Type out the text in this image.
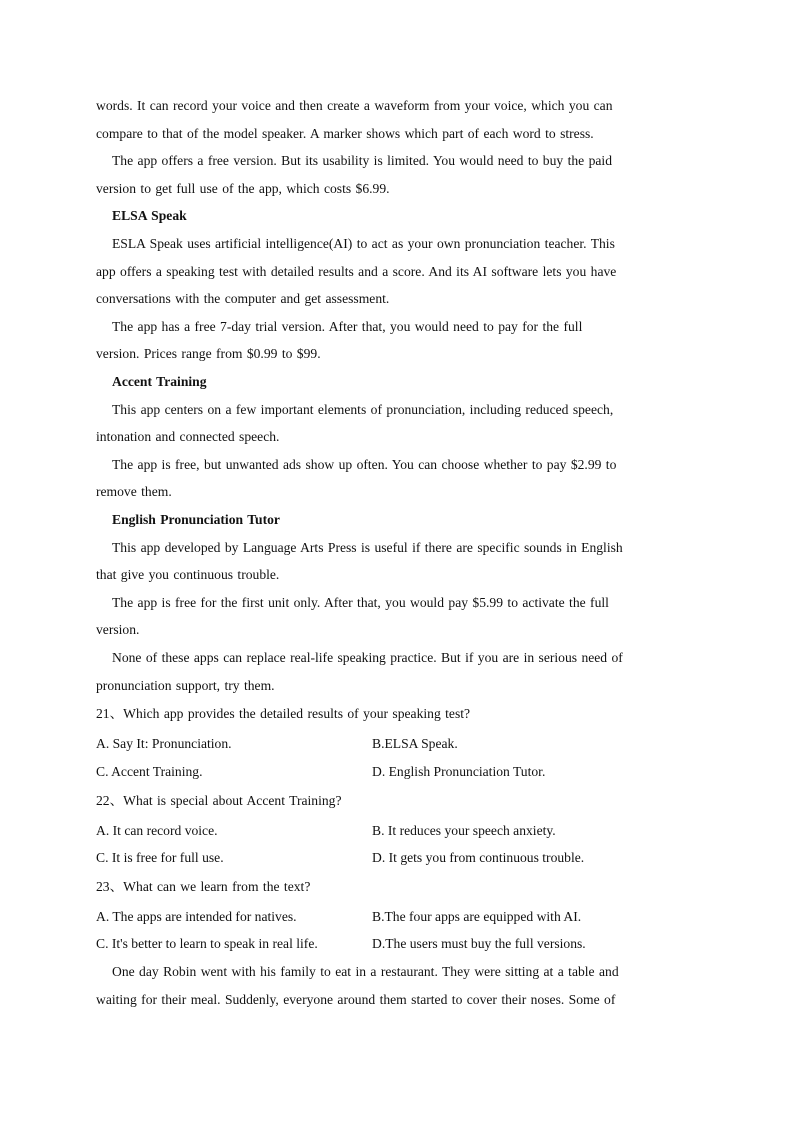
words. It can record your voice and then create a waveform from your voice, which you can
compare to that of the model speaker. A marker shows which part of each word to stress.
The app offers a free version. But its usability is limited. You would need to buy the paid
version to get full use of the app, which costs $6.99.
ELSA Speak
ESLA Speak uses artificial intelligence(AI) to act as your own pronunciation teacher. This
app offers a speaking test with detailed results and a score. And its AI software lets you have
conversations with the computer and get assessment.
The app has a free 7-day trial version. After that, you would need to pay for the full
version. Prices range from $0.99 to $99.
Accent Training
This app centers on a few important elements of pronunciation, including reduced speech,
intonation and connected speech.
The app is free, but unwanted ads show up often. You can choose whether to pay $2.99 to
remove them.
English Pronunciation Tutor
This app developed by Language Arts Press is useful if there are specific sounds in English
that give you continuous trouble.
The app is free for the first unit only. After that, you would pay $5.99 to activate the full
version.
None of these apps can replace real-life speaking practice. But if you are in serious need of
pronunciation support, try them.
21、Which app provides the detailed results of your speaking test?
A. Say It: Pronunciation.	B.ELSA Speak.
C. Accent Training.	D. English Pronunciation Tutor.
22、What is special about Accent Training?
A. It can record voice.	B. It reduces your speech anxiety.
C. It is free for full use.	D. It gets you from continuous trouble.
23、What can we learn from the text?
A. The apps are intended for natives.	B.The four apps are equipped with AI.
C. It's better to learn to speak in real life.	D.The users must buy the full versions.
One day Robin went with his family to eat in a restaurant. They were sitting at a table and
waiting for their meal. Suddenly, everyone around them started to cover their noses. Some of
